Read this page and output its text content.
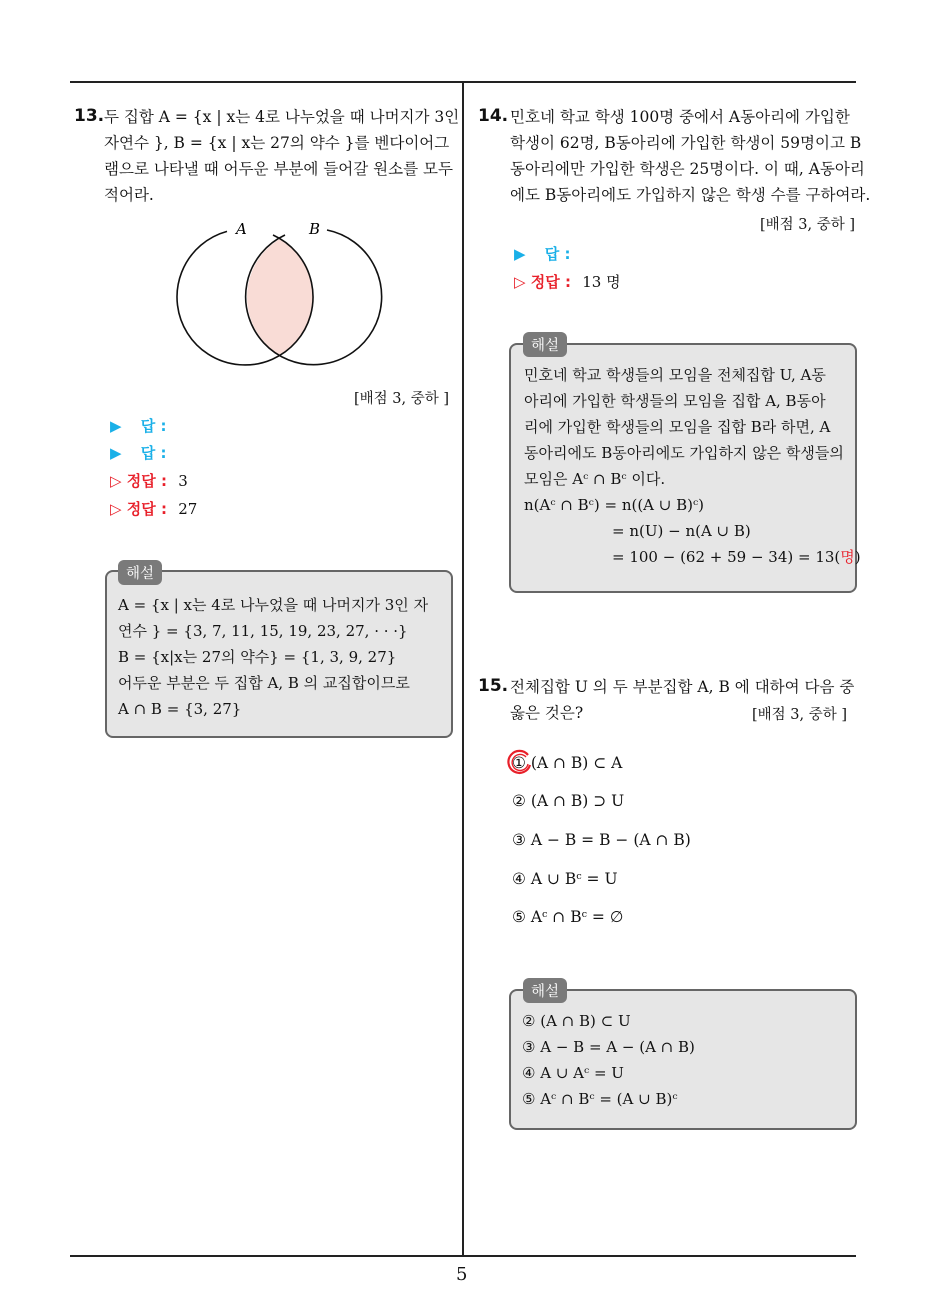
13. 두 집합 A = {x | x는 4로 나누었을 때 나머지가 3인
자연수 }, B = {x | x는 27의 약수 }를 벤다이어그
램으로 나타낼 때 어두운 부분에 들어갈 원소를 모두
적어라.
A	B
[배점 3, 중하 ]
▶ 답 :
▶ 답 :
▷ 정답 : 3
▷ 정답 : 27
해설
A = {x | x는 4로 나누었을 때 나머지가 3인 자
연수 } = {3, 7, 11, 15, 19, 23, 27, · · ·}
B = {x|x는 27의 약수} = {1, 3, 9, 27}
어두운 부분은 두 집합 A, B 의 교집합이므로
A ∩ B = {3, 27}
14. 민호네 학교 학생 100명 중에서 A동아리에 가입한
학생이 62명, B동아리에 가입한 학생이 59명이고 B
동아리에만 가입한 학생은 25명이다. 이 때, A동아리
에도 B동아리에도 가입하지 않은 학생 수를 구하여라.
[배점 3, 중하 ]
▶ 답 :
▷ 정답 : 13 명
해설
민호네 학교 학생들의 모임을 전체집합 U, A동
아리에 가입한 학생들의 모임을 집합 A, B동아
리에 가입한 학생들의 모임을 집합 B라 하면, A
동아리에도 B동아리에도 가입하지 않은 학생들의
모임은 Aᶜ ∩ Bᶜ 이다.
n(Aᶜ ∩ Bᶜ) = n((A ∪ B)ᶜ)
= n(U) − n(A ∪ B)
= 100 − (62 + 59 − 34) = 13(명)
15. 전체집합 U 의 두 부분집합 A, B 에 대하여 다음 중
옳은 것은?	[배점 3, 중하 ]
① (A ∩ B) ⊂ A
② (A ∩ B) ⊃ U
③ A − B = B − (A ∩ B)
④ A ∪ Bᶜ = U
⑤ Aᶜ ∩ Bᶜ = ∅
해설
② (A ∩ B) ⊂ U
③ A − B = A − (A ∩ B)
④ A ∪ Aᶜ = U
⑤ Aᶜ ∩ Bᶜ = (A ∪ B)ᶜ
5
